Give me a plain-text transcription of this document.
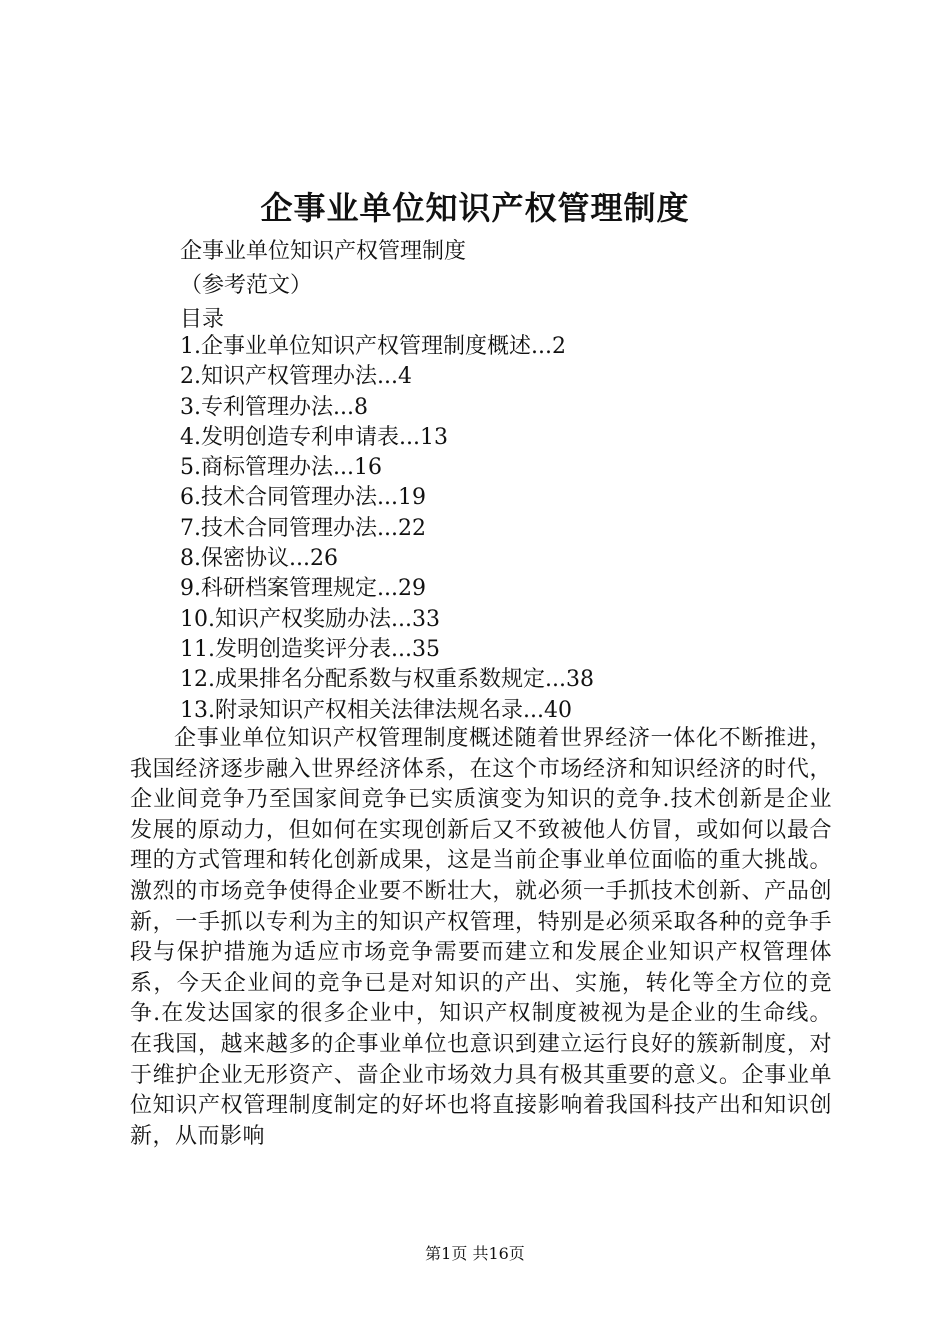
企事业单位知识产权管理制度
企事业单位知识产权管理制度
（参考范文）
目录
1.企事业单位知识产权管理制度概述...2
2.知识产权管理办法...4
3.专利管理办法...8
4.发明创造专利申请表...13
5.商标管理办法...16
6.技术合同管理办法...19
7.技术合同管理办法...22
8.保密协议...26
9.科研档案管理规定...29
10.知识产权奖励办法...33
11.发明创造奖评分表...35
12.成果排名分配系数与权重系数规定...38
13.附录知识产权相关法律法规名录...40

企事业单位知识产权管理制度概述随着世界经济一体化不断推进，我国经济逐步融入世界经济体系，在这个市场经济和知识经济的时代，企业间竞争乃至国家间竞争已实质演变为知识的竞争.技术创新是企业发展的原动力，但如何在实现创新后又不致被他人仿冒，或如何以最合理的方式管理和转化创新成果，这是当前企事业单位面临的重大挑战。激烈的市场竞争使得企业要不断壮大，就必须一手抓技术创新、产品创新，一手抓以专利为主的知识产权管理，特别是必须采取各种的竞争手段与保护措施为适应市场竞争需要而建立和发展企业知识产权管理体系，今天企业间的竞争已是对知识的产出、实施，转化等全方位的竞争.在发达国家的很多企业中，知识产权制度被视为是企业的生命线。在我国，越来越多的企事业单位也意识到建立运行良好的簇新制度，对于维护企业无形资产、啬企业市场效力具有极其重要的意义。企事业单位知识产权管理制度制定的好坏也将直接影响着我国科技产出和知识创新，从而影响

第1页 共16页
